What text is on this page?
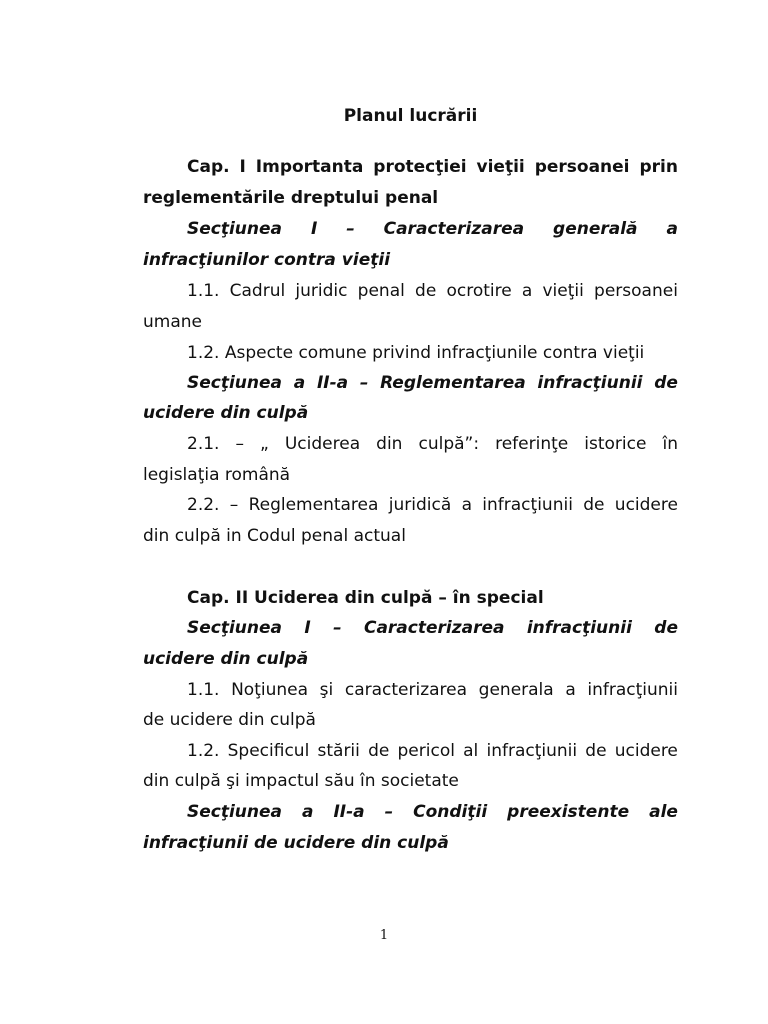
Planul lucrării
Cap. I Importanta protecţiei vieţii persoanei prin
reglementările dreptului penal
Secţiunea I – Caracterizarea generală a
infracţiunilor contra vieţii
1.1. Cadrul juridic penal de ocrotire a vieţii persoanei
umane
1.2. Aspecte comune privind infracţiunile contra vieţii
Secţiunea a II-a – Reglementarea infracţiunii de
ucidere din culpă
2.1. – „ Uciderea din culpă”: referinţe istorice în
legislaţia română
2.2. – Reglementarea juridică a infracţiunii de ucidere
din culpă in Codul penal actual
Cap. II Uciderea din culpă – în special
Secţiunea I – Caracterizarea infracţiunii de
ucidere din culpă
1.1. Noţiunea şi caracterizarea generala a infracţiunii
de ucidere din culpă
1.2. Specificul stării de pericol al infracţiunii de ucidere
din culpă şi impactul său în societate
Secţiunea a II-a – Condiţii preexistente ale
infracţiunii de ucidere din culpă
1
